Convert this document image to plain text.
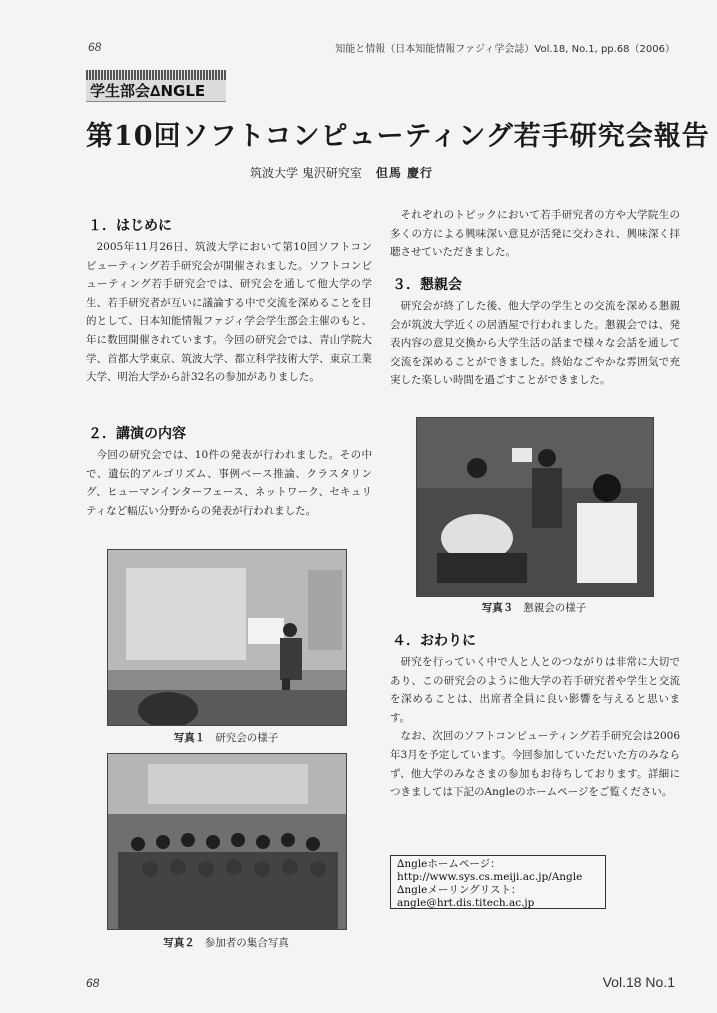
68	知能と情報（日本知能情報ファジィ学会誌）Vol.18, No.1, pp.68（2006）
学生部会∆NGLE
第10回ソフトコンピューティング若手研究会報告
筑波大学 鬼沢研究室 但馬 慶行
１．はじめに

2005年11月26日、筑波大学において第10回ソフトコンピューティング若手研究会が開催されました。ソフトコンピューティング若手研究会では、研究会を通して他大学の学生、若手研究者が互いに議論する中で交流を深めることを目的として、日本知能情報ファジィ学会学生部会主催のもと、年に数回開催されています。今回の研究会では、青山学院大学、首都大学東京、筑波大学、都立科学技術大学、東京工業大学、明治大学から計32名の参加がありました。

２．講演の内容

今回の研究会では、10件の発表が行われました。その中で、遺伝的アルゴリズム、事例ベース推論、クラスタリング、ヒューマンインターフェース、ネットワーク、セキュリティなど幅広い分野からの発表が行われました。

写真１ 研究会の様子
写真２ 参加者の集合写真

それぞれのトピックにおいて若手研究者の方や大学院生の多くの方による興味深い意見が活発に交わされ、興味深く拝聴させていただきました。

３．懇親会

研究会が終了した後、他大学の学生との交流を深める懇親会が筑波大学近くの居酒屋で行われました。懇親会では、発表内容の意見交換から大学生活の話まで様々な会話を通して交流を深めることができました。終始なごやかな雰囲気で充実した楽しい時間を過ごすことができました。

写真３ 懇親会の様子
４．おわりに

研究を行っていく中で人と人とのつながりは非常に大切であり、この研究会のように他大学の若手研究者や学生と交流を深めることは、出席者全員に良い影響を与えると思います。

なお、次回のソフトコンピューティング若手研究会は2006年3月を予定しています。今回参加していただいた方のみならず、他大学のみなさまの参加もお待ちしております。詳細につきましては下記のAngleのホームページをご覧ください。

∆ngleホームページ：
http://www.sys.cs.meiji.ac.jp/Angle
∆ngleメーリングリスト：
angle@hrt.dis.titech.ac.jp
68	Vol.18 No.1
